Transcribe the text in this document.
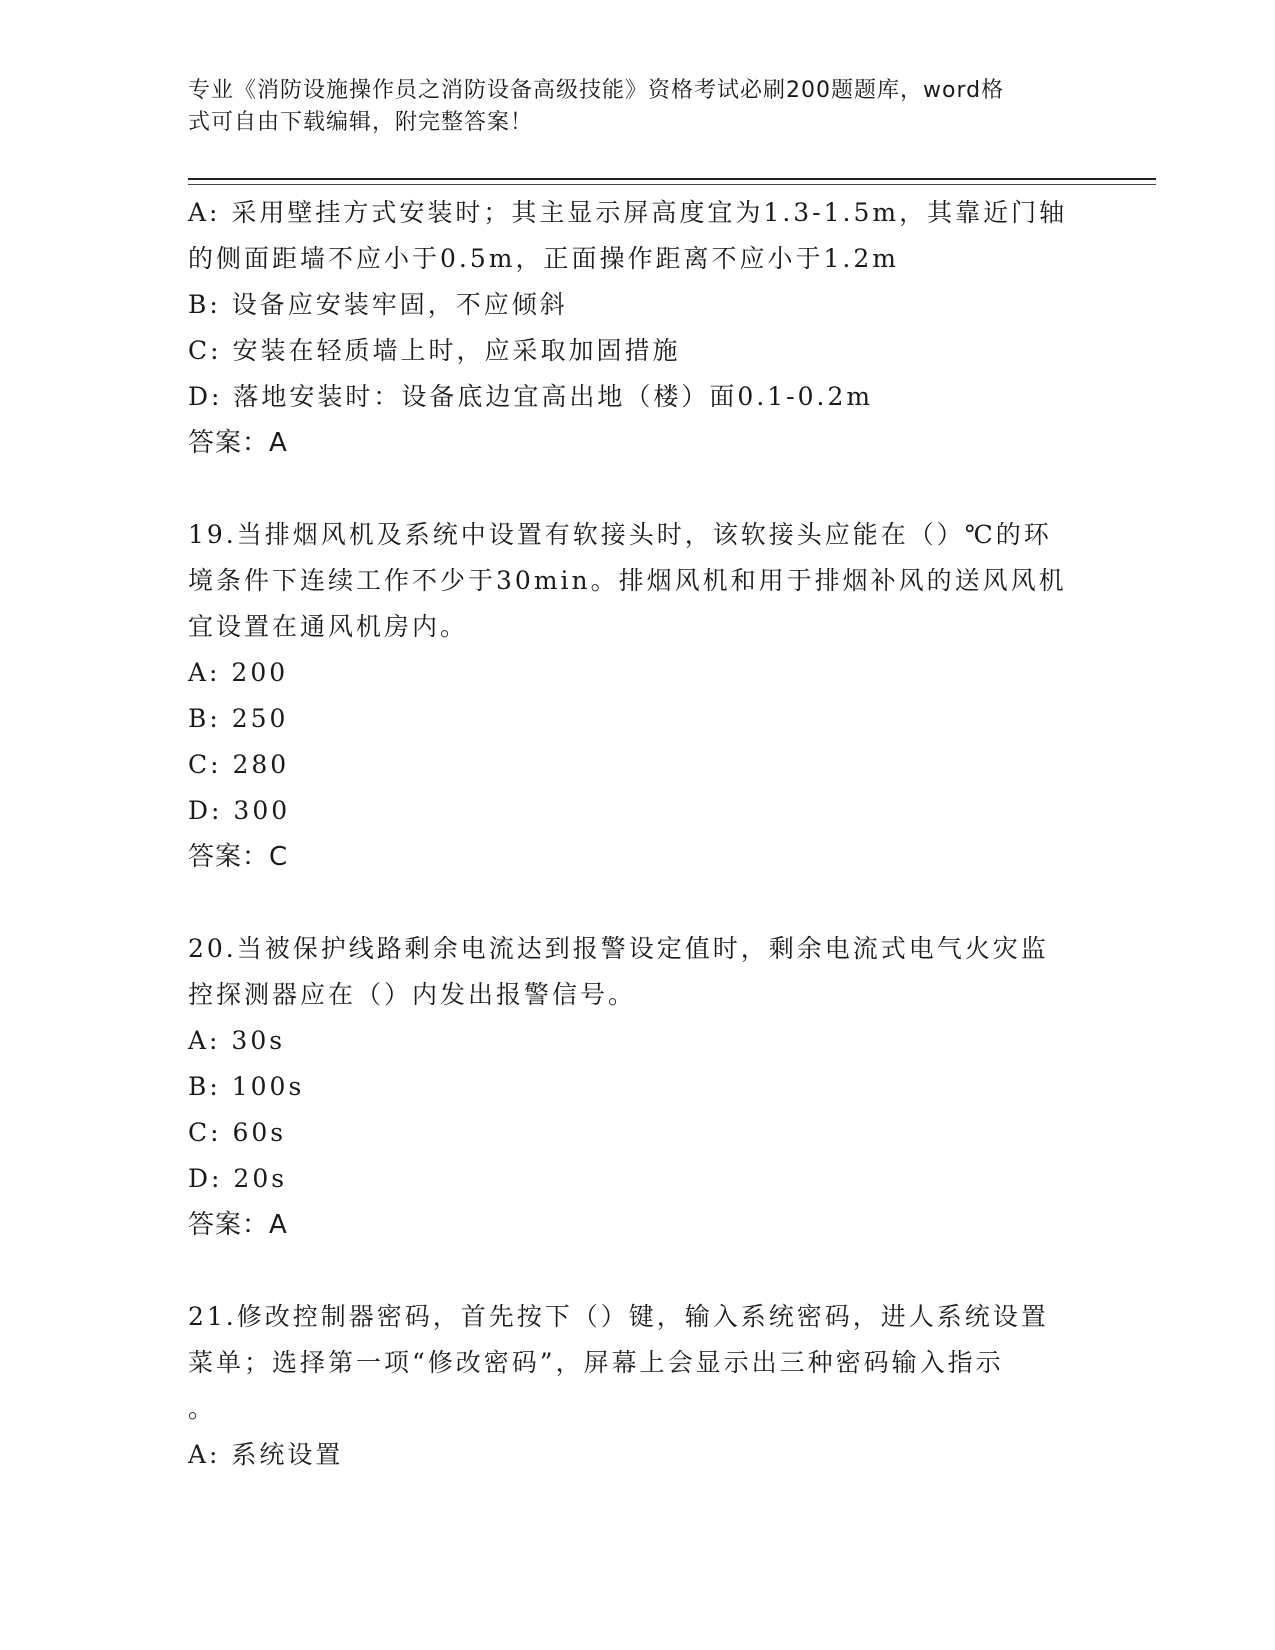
专业《消防设施操作员之消防设备高级技能》资格考试必刷200题题库，word格
式可自由下载编辑，附完整答案！
A: 采用壁挂方式安装时；其主显示屏高度宜为1.3-1.5m，其靠近门轴
的侧面距墙不应小于0.5m，正面操作距离不应小于1.2m
B: 设备应安装牢固，不应倾斜
C: 安装在轻质墙上时，应采取加固措施
D: 落地安装时：设备底边宜高出地（楼）面0.1-0.2m
答案：A
19.当排烟风机及系统中设置有软接头时，该软接头应能在（）℃的环
境条件下连续工作不少于30min。排烟风机和用于排烟补风的送风风机
宜设置在通风机房内。
A: 200
B: 250
C: 280
D: 300
答案：C
20.当被保护线路剩余电流达到报警设定值时，剩余电流式电气火灾监
控探测器应在（）内发出报警信号。
A: 30s
B: 100s
C: 60s
D: 20s
答案：A
21.修改控制器密码，首先按下（）键，输入系统密码，进人系统设置
菜单；选择第一项“修改密码”，屏幕上会显示出三种密码输入指示
。
A: 系统设置
